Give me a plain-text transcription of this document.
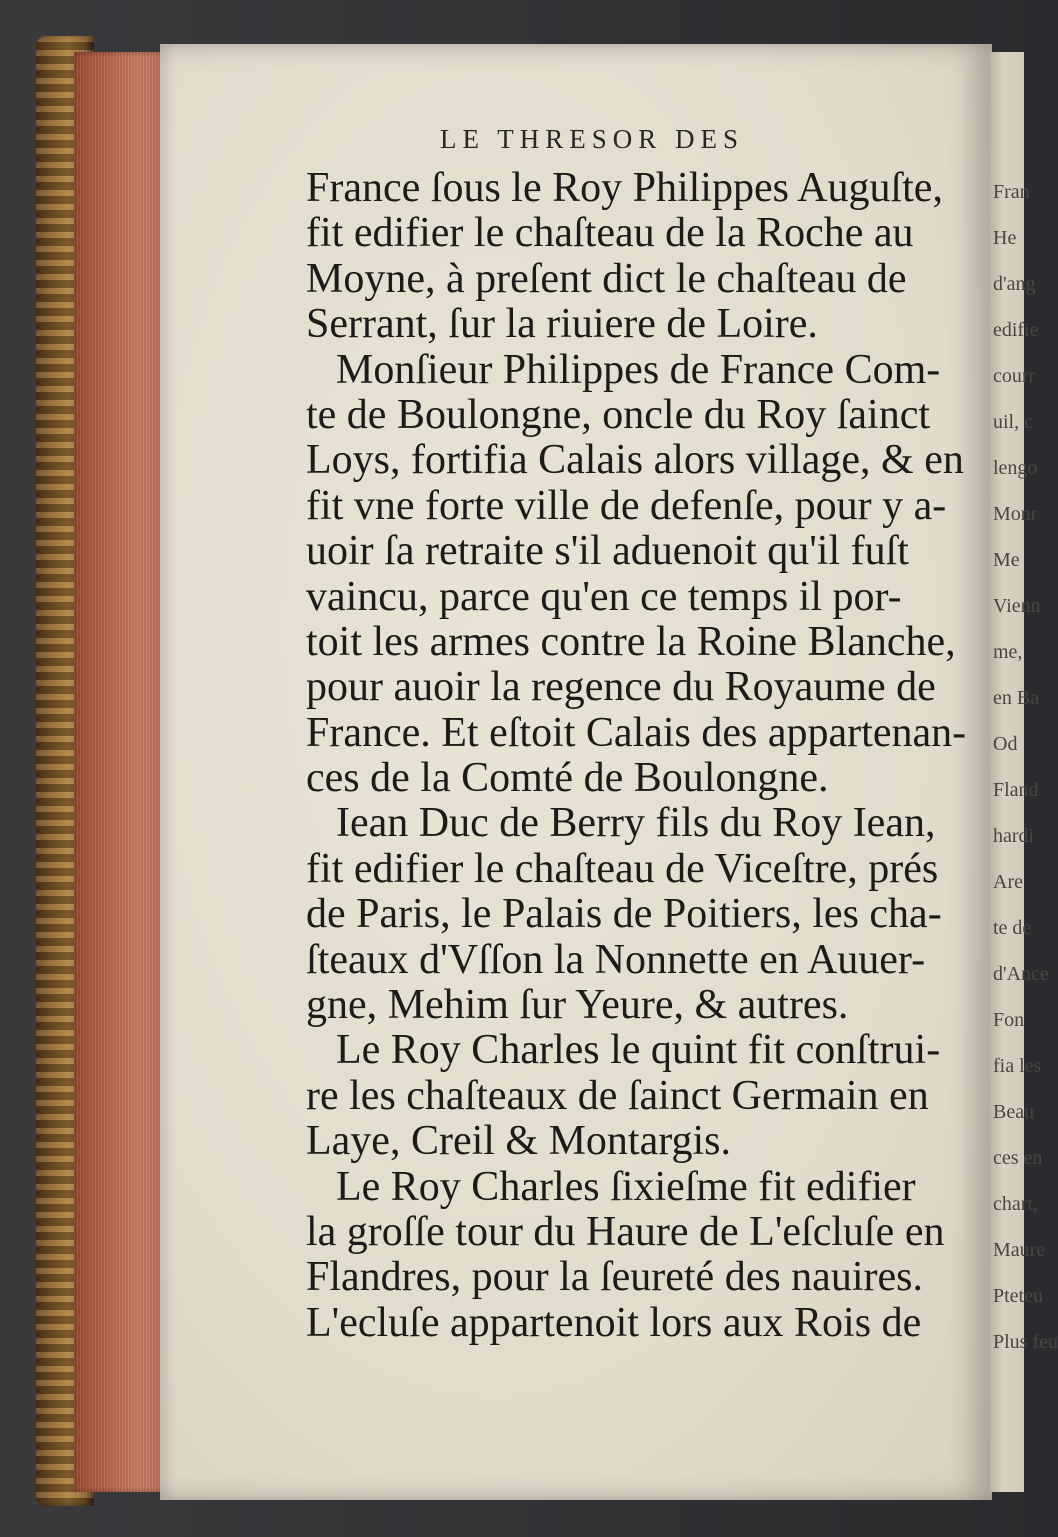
Fran
He
d'ang
edifie
courr
uil, c
lengo
Monr
Me
Vienn
me,
en Ba
Od
Fland
hardi
Are
te de
d'Ance
Fon
fia les
Beau
ces en
chart,
Maure
Pteteu
Plus feu
LE THRESOR DES
France ſous le Roy Philippes Auguſte,
fit edifier le chaſteau de la Roche au
Moyne, à preſent dict le chaſteau de
Serrant, ſur la riuiere de Loire.
Monſieur Philippes de France Com-
te de Boulongne, oncle du Roy ſainct
Loys, fortifia Calais alors village, & en
fit vne forte ville de defenſe, pour y a-
uoir ſa retraite s'il aduenoit qu'il fuſt
vaincu, parce qu'en ce temps il por-
toit les armes contre la Roine Blanche,
pour auoir la regence du Royaume de
France. Et eſtoit Calais des appartenan-
ces de la Comté de Boulongne.
Iean Duc de Berry fils du Roy Iean,
fit edifier le chaſteau de Viceſtre, prés
de Paris, le Palais de Poitiers, les cha-
ſteaux d'Vſſon la Nonnette en Auuer-
gne, Mehim ſur Yeure, & autres.
Le Roy Charles le quint fit conſtrui-
re les chaſteaux de ſainct Germain en
Laye, Creil & Montargis.
Le Roy Charles ſixieſme fit edifier
la groſſe tour du Haure de L'eſcluſe en
Flandres, pour la ſeureté des nauires.
L'ecluſe appartenoit lors aux Rois de
